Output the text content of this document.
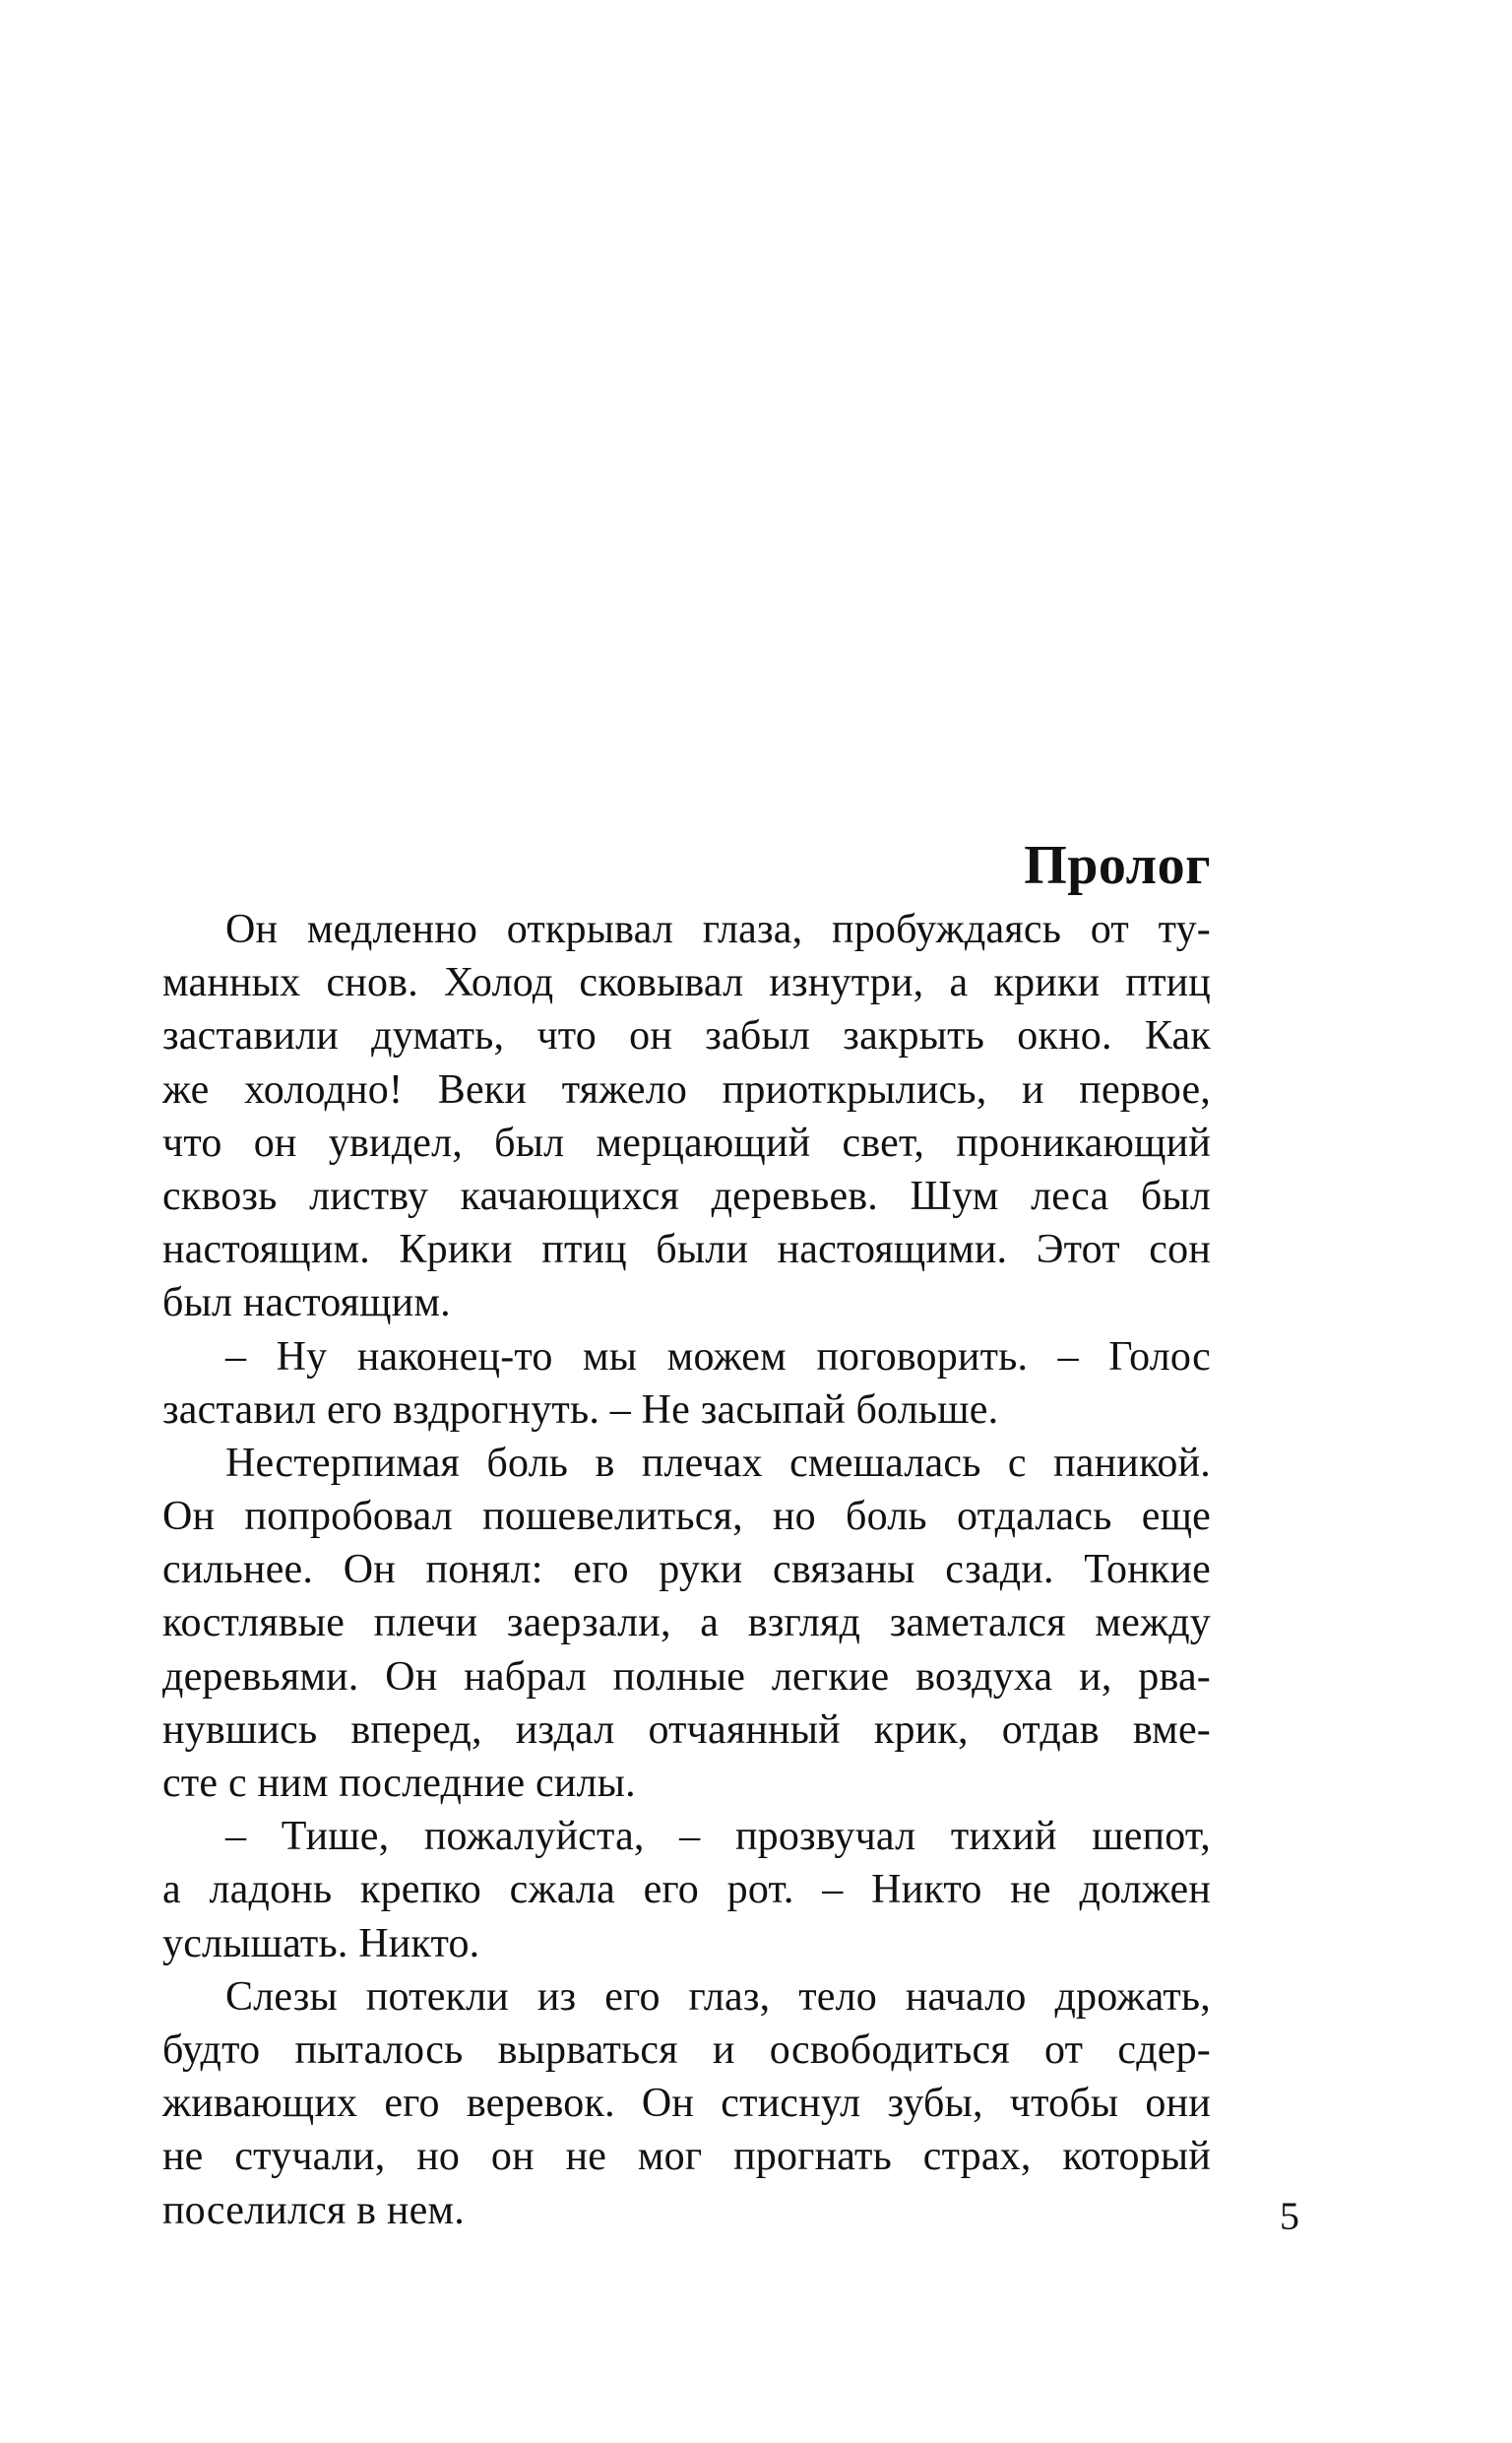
Пролог
Он медленно открывал глаза, пробуждаясь от ту-
манных снов. Холод сковывал изнутри, а крики птиц
заставили думать, что он забыл закрыть окно. Как
же холодно! Веки тяжело приоткрылись, и первое,
что он увидел, был мерцающий свет, проникающий
сквозь листву качающихся деревьев. Шум леса был
настоящим. Крики птиц были настоящими. Этот сон
был настоящим.
– Ну наконец-то мы можем поговорить. – Голос
заставил его вздрогнуть. – Не засыпай больше.
Нестерпимая боль в плечах смешалась с паникой.
Он попробовал пошевелиться, но боль отдалась еще
сильнее. Он понял: его руки связаны сзади. Тонкие
костлявые плечи заерзали, а взгляд заметался между
деревьями. Он набрал полные легкие воздуха и, рва-
нувшись вперед, издал отчаянный крик, отдав вме-
сте с ним последние силы.
– Тише, пожалуйста, – прозвучал тихий шепот,
а ладонь крепко сжала его рот. – Никто не должен
услышать. Никто.
Слезы потекли из его глаз, тело начало дрожать,
будто пыталось вырваться и освободиться от сдер-
живающих его веревок. Он стиснул зубы, чтобы они
не стучали, но он не мог прогнать страх, который
поселился в нем.	5
